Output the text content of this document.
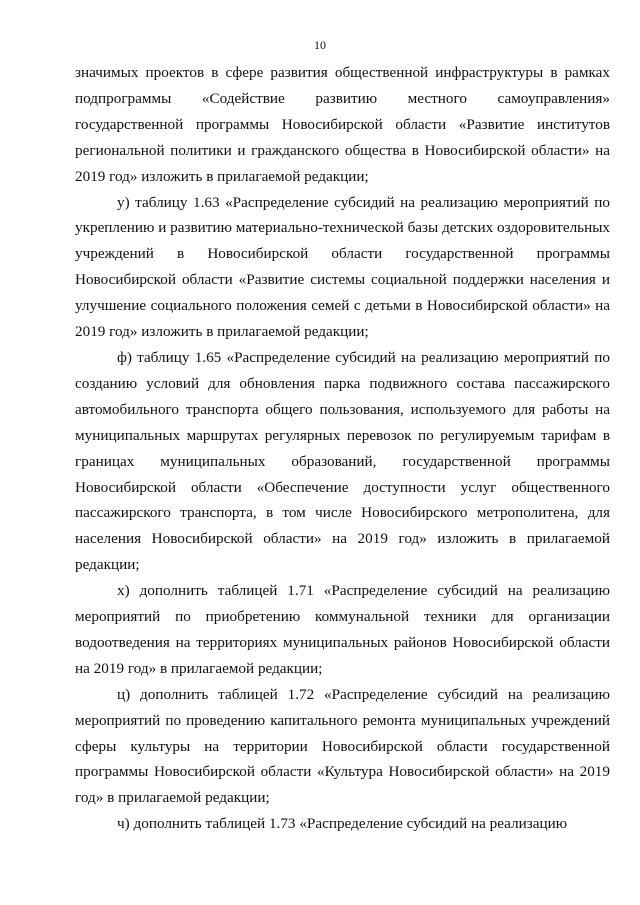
10

значимых проектов в сфере развития общественной инфраструктуры в рамках подпрограммы «Содействие развитию местного самоуправления» государственной программы Новосибирской области «Развитие институтов региональной политики и гражданского общества в Новосибирской области» на 2019 год» изложить в прилагаемой редакции;

у) таблицу 1.63 «Распределение субсидий на реализацию мероприятий по укреплению и развитию материально-технической базы детских оздоровительных учреждений в Новосибирской области государственной программы Новосибирской области «Развитие системы социальной поддержки населения и улучшение социального положения семей с детьми в Новосибирской области» на 2019 год» изложить в прилагаемой редакции;

ф) таблицу 1.65 «Распределение субсидий на реализацию мероприятий по созданию условий для обновления парка подвижного состава пассажирского автомобильного транспорта общего пользования, используемого для работы на муниципальных маршрутах регулярных перевозок по регулируемым тарифам в границах муниципальных образований, государственной программы Новосибирской области «Обеспечение доступности услуг общественного пассажирского транспорта, в том числе Новосибирского метрополитена, для населения Новосибирской области» на 2019 год» изложить в прилагаемой редакции;

х) дополнить таблицей 1.71 «Распределение субсидий на реализацию мероприятий по приобретению коммунальной техники для организации водоотведения на территориях муниципальных районов Новосибирской области на 2019 год» в прилагаемой редакции;

ц) дополнить таблицей 1.72 «Распределение субсидий на реализацию мероприятий по проведению капитального ремонта муниципальных учреждений сферы культуры на территории Новосибирской области государственной программы Новосибирской области «Культура Новосибирской области» на 2019 год» в прилагаемой редакции;

ч) дополнить таблицей 1.73 «Распределение субсидий на реализацию
